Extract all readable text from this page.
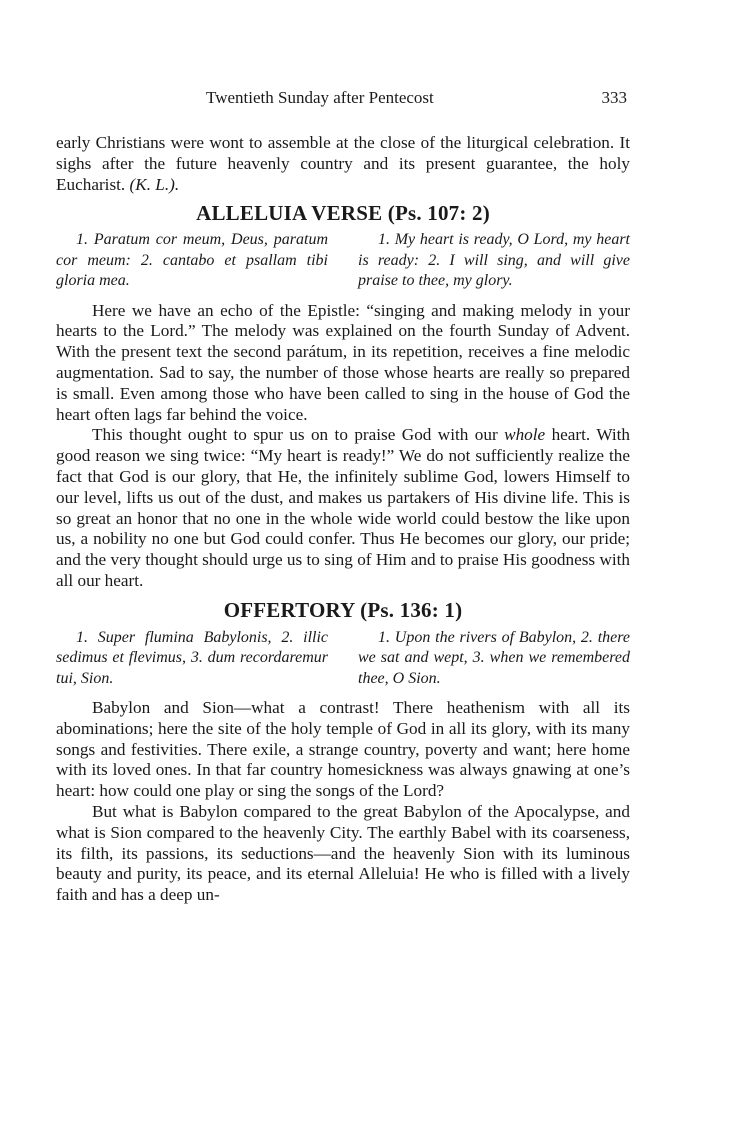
Twentieth Sunday after Pentecost	333

early Christians were wont to assemble at the close of the liturgical celebration. It sighs after the future heavenly country and its present guarantee, the holy Eucharist. (K. L.).

ALLELUIA VERSE (Ps. 107: 2)

1. Paratum cor meum, Deus, paratum cor meum: 2. cantabo et psallam tibi gloria mea.

1. My heart is ready, O Lord, my heart is ready: 2. I will sing, and will give praise to thee, my glory.

Here we have an echo of the Epistle: “singing and making melody in your hearts to the Lord.” The melody was explained on the fourth Sunday of Advent. With the present text the second parátum, in its repetition, receives a fine melodic augmentation. Sad to say, the number of those whose hearts are really so prepared is small. Even among those who have been called to sing in the house of God the heart often lags far behind the voice.

This thought ought to spur us on to praise God with our whole heart. With good reason we sing twice: “My heart is ready!” We do not sufficiently realize the fact that God is our glory, that He, the infinitely sublime God, lowers Himself to our level, lifts us out of the dust, and makes us partakers of His divine life. This is so great an honor that no one in the whole wide world could bestow the like upon us, a nobility no one but God could confer. Thus He becomes our glory, our pride; and the very thought should urge us to sing of Him and to praise His goodness with all our heart.

OFFERTORY (Ps. 136: 1)

1. Super flumina Babylonis, 2. illic sedimus et flevimus, 3. dum recordaremur tui, Sion.

1. Upon the rivers of Babylon, 2. there we sat and wept, 3. when we remembered thee, O Sion.

Babylon and Sion—what a contrast! There heathenism with all its abominations; here the site of the holy temple of God in all its glory, with its many songs and festivities. There exile, a strange country, poverty and want; here home with its loved ones. In that far country homesickness was always gnawing at one’s heart: how could one play or sing the songs of the Lord?

But what is Babylon compared to the great Babylon of the Apocalypse, and what is Sion compared to the heavenly City. The earthly Babel with its coarseness, its filth, its passions, its seductions—and the heavenly Sion with its luminous beauty and purity, its peace, and its eternal Alleluia! He who is filled with a lively faith and has a deep un-
